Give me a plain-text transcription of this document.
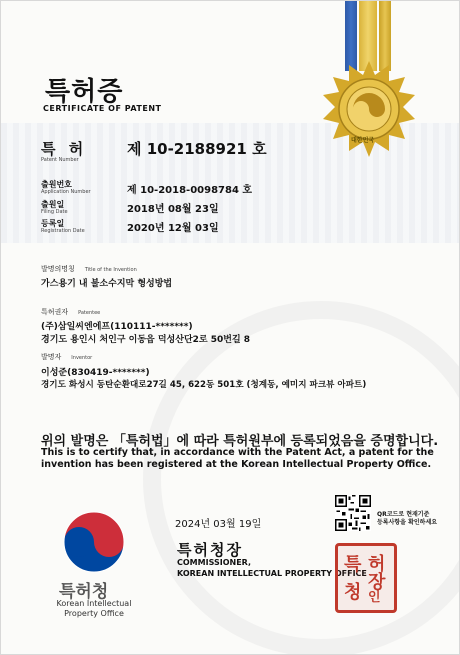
대한민국
특허증
CERTIFICATE OF PATENT
특 허
Patent Number
제 10-2188921 호
출원번호
Application Number	제 10-2018-0098784 호
출원일
Filing Date	2018년 08월 23일
등록일
Registration Date	2020년 12월 03일
발명의명칭 Title of the Invention
가스용기 내 불소수지막 형성방법
특허권자 Patentee
(주)삼일씨엔에프(110111-*******)
경기도 용인시 처인구 이동읍 덕성산단2로 50번길 8
발명자 Inventor
이성준(830419-*******)
경기도 화성시 동탄순환대로27길 45, 622동 501호 (청계동, 예미지 파크뷰 아파트)
위의 발명은 「특허법」에 따라 특허원부에 등록되었음을 증명합니다.
This is to certify that, in accordance with the Patent Act, a patent for the invention has been registered at the Korean Intellectual Property Office.
특허청
Korean Intellectual
Property Office
2024년 03월 19일
특허청장
COMMISSIONER,
KOREAN INTELLECTUAL PROPERTY OFFICE
QR코드로 현재기준
등록사항을 확인하세요
특 허
청 장
인
